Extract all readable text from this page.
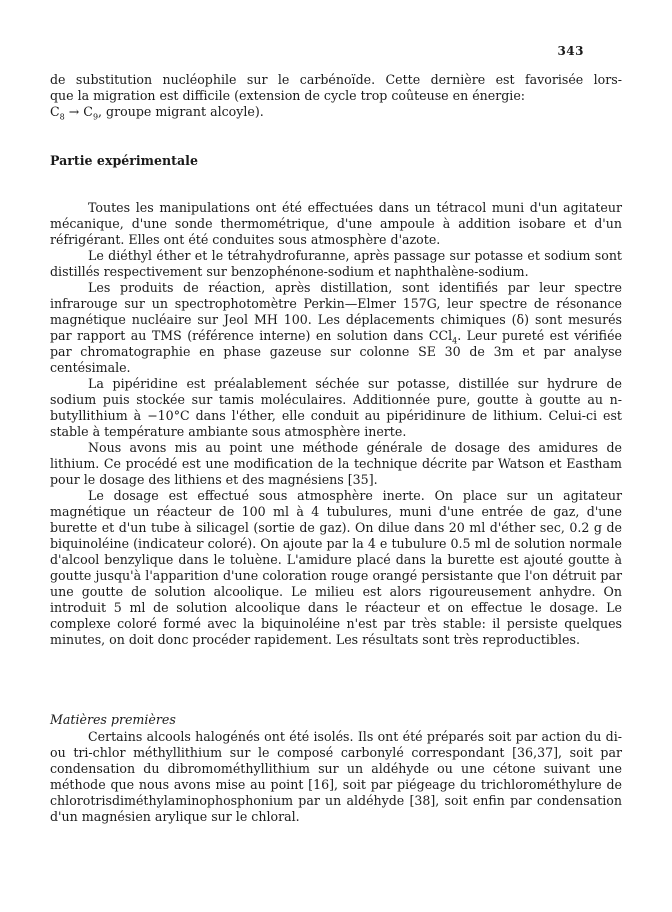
343

de substitution nucléophile sur le carbénoïde. Cette dernière est favorisée lors-

que la migration est difficile (extension de cycle trop coûteuse en énergie:

$C_8 \to C_9$, groupe migrant alcoyle).

Partie expérimentale

Toutes les manipulations ont été effectuées dans un tétracol muni d'un agitateur mécanique, d'une sonde thermométrique, d'une ampoule à addition isobare et d'un réfrigérant. Elles ont été conduites sous atmosphère d'azote.

Le diéthyl éther et le tétrahydrofuranne, après passage sur potasse et sodium sont distillés respectivement sur benzophénone-sodium et naphthalène-sodium.

Les produits de réaction, après distillation, sont identifiés par leur spectre infrarouge sur un spectrophotomètre Perkin—Elmer 157G, leur spectre de résonance magnétique nucléaire sur Jeol MH 100. Les déplacements chimiques (δ) sont mesurés par rapport au TMS (référence interne) en solution dans CCl$_4$. Leur pureté est vérifiée par chromatographie en phase gazeuse sur colonne SE 30 de 3m et par analyse centésimale.

La pipéridine est préalablement séchée sur potasse, distillée sur hydrure de sodium puis stockée sur tamis moléculaires. Additionnée pure, goutte à goutte au n-butyllithium à −10°C dans l'éther, elle conduit au pipéridinure de lithium. Celui-ci est stable à température ambiante sous atmosphère inerte.

Nous avons mis au point une méthode générale de dosage des amidures de lithium. Ce procédé est une modification de la technique décrite par Watson et Eastham pour le dosage des lithiens et des magnésiens [35].

Le dosage est effectué sous atmosphère inerte. On place sur un agitateur magnétique un réacteur de 100 ml à 4 tubulures, muni d'une entrée de gaz, d'une burette et d'un tube à silicagel (sortie de gaz). On dilue dans 20 ml d'éther sec, 0.2 g de biquinoléine (indicateur coloré). On ajoute par la 4 e tubulure 0.5 ml de solution normale d'alcool benzylique dans le toluène. L'amidure placé dans la burette est ajouté goutte à goutte jusqu'à l'apparition d'une coloration rouge orangé persistante que l'on détruit par une goutte de solution alcoolique. Le milieu est alors rigoureusement anhydre. On introduit 5 ml de solution alcoolique dans le réacteur et on effectue le dosage. Le complexe coloré formé avec la biquinoléine n'est par très stable: il persiste quelques minutes, on doit donc procéder rapidement. Les résultats sont très reproductibles.

Matières premières

Certains alcools halogénés ont été isolés. Ils ont été préparés soit par action du di- ou tri-chlor méthyllithium sur le composé carbonylé correspondant [36,37], soit par condensation du dibromométhyllithium sur un aldéhyde ou une cétone suivant une méthode que nous avons mise au point [16], soit par piégeage du trichlorométhylure de chlorotrisdiméthylaminophosphonium par un aldéhyde [38], soit enfin par condensation d'un magnésien arylique sur le chloral.
